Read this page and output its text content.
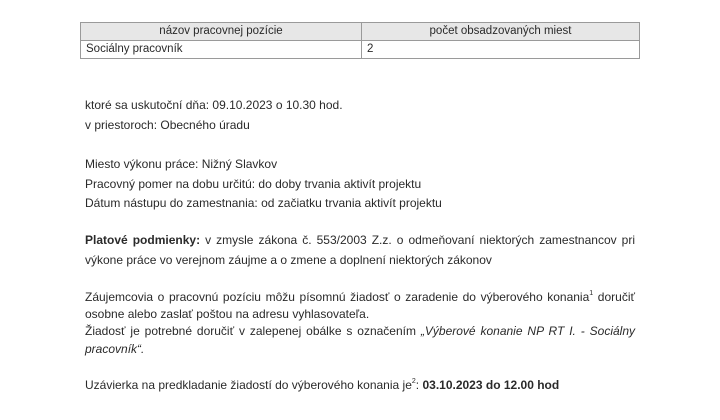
názov pracovnej pozície	počet obsadzovaných miest
Sociálny pracovník	2
ktoré sa uskutoční dňa: 09.10.2023 o 10.30 hod.
v priestoroch: Obecného úradu
Miesto výkonu práce: Nižný Slavkov
Pracovný pomer na dobu určitú: do doby trvania aktivít projektu
Dátum nástupu do zamestnania: od začiatku trvania aktivít projektu
Platové podmienky: v zmysle zákona č. 553/2003 Z.z. o odmeňovaní niektorých zamestnancov pri
výkone práce vo verejnom záujme a o zmene a doplnení niektorých zákonov
Záujemcovia o pracovnú pozíciu môžu písomnú žiadosť o zaradenie do výberového konania$^1$ doručiť
osobne alebo zaslať poštou na adresu vyhlasovateľa.
Žiadosť je potrebné doručiť v zalepenej obálke s označením „Výberové konanie NP RT I. - Sociálny
pracovník“.
Uzávierka na predkladanie žiadostí do výberového konania $je^2$: 03.10.2023 do 12.00 hod
